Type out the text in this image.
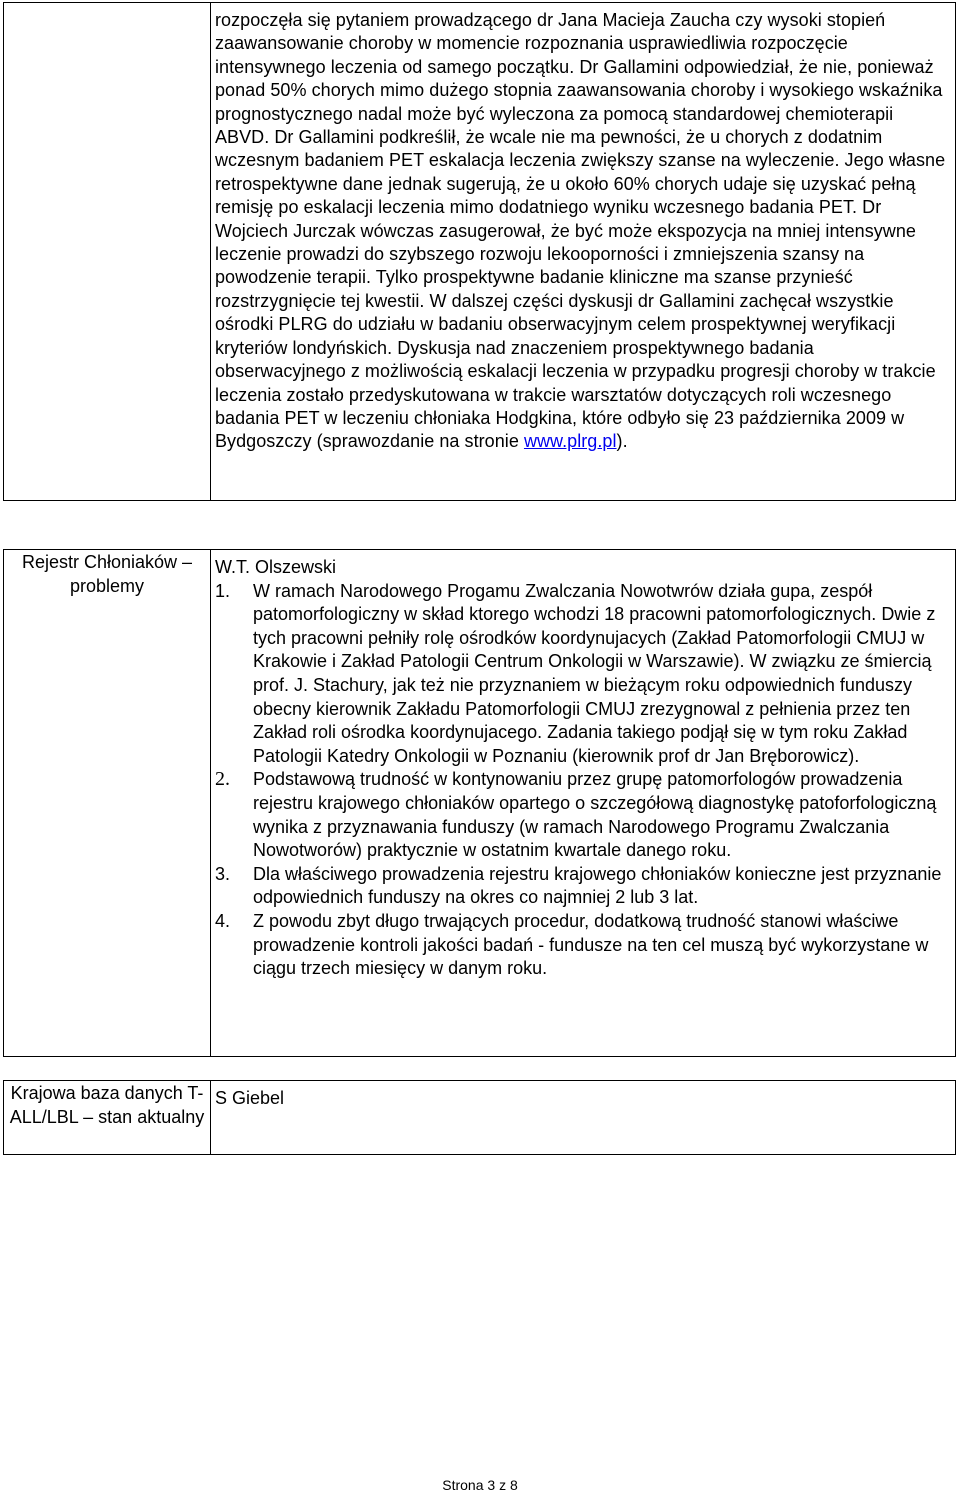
rozpoczęła się pytaniem prowadzącego dr Jana Macieja Zaucha czy wysoki stopień zaawansowanie choroby w momencie rozpoznania usprawiedliwia rozpoczęcie intensywnego leczenia od samego początku. Dr Gallamini odpowiedział, że nie, ponieważ ponad 50% chorych mimo dużego stopnia zaawansowania choroby i wysokiego wskaźnika prognostycznego nadal może być wyleczona za pomocą standardowej chemioterapii ABVD. Dr Gallamini podkreślił, że wcale nie ma pewności, że u chorych z dodatnim wczesnym badaniem PET eskalacja leczenia zwiększy szanse na wyleczenie. Jego własne retrospektywne dane jednak sugerują, że u około 60% chorych udaje się uzyskać pełną remisję po eskalacji leczenia mimo dodatniego wyniku wczesnego badania PET. Dr Wojciech Jurczak wówczas zasugerował, że być może ekspozycja na mniej intensywne leczenie prowadzi do szybszego rozwoju lekooporności i zmniejszenia szansy na powodzenie terapii. Tylko prospektywne badanie kliniczne ma szanse przynieść rozstrzygnięcie tej kwestii. W dalszej części dyskusji dr Gallamini zachęcał wszystkie ośrodki PLRG do udziału w badaniu obserwacyjnym celem prospektywnej weryfikacji kryteriów londyńskich. Dyskusja nad znaczeniem prospektywnego badania obserwacyjnego z możliwością eskalacji leczenia w przypadku progresji choroby w trakcie leczenia zostało przedyskutowana w trakcie warsztatów dotyczących roli wczesnego badania PET w leczeniu chłoniaka Hodgkina, które odbyło się 23 października 2009 w Bydgoszczy (sprawozdanie na stronie www.plrg.pl).

Rejestr Chłoniaków – problemy
W.T. Olszewski
1.	W ramach Narodowego Progamu Zwalczania Nowotwrów działa gupa, zespół patomorfologiczny w skład ktorego wchodzi 18 pracowni patomorfologicznych. Dwie z tych pracowni pełniły rolę ośrodków koordynujacych (Zakład Patomorfologii CMUJ w Krakowie i Zakład Patologii Centrum Onkologii w Warszawie). W związku ze śmiercią prof. J. Stachury, jak też nie przyznaniem w bieżącym roku odpowiednich funduszy obecny kierownik Zakładu Patomorfologii CMUJ zrezygnowal z pełnienia przez ten Zakład roli ośrodka koordynujacego. Zadania takiego podjął się w tym roku Zakład Patologii Katedry Onkologii w Poznaniu (kierownik prof dr Jan Bręborowicz).
2.	Podstawową trudność w kontynowaniu przez grupę patomorfologów prowadzenia rejestru krajowego chłoniaków opartego o szczegółową diagnostykę patoforfologiczną wynika z przyznawania funduszy (w ramach Narodowego Programu Zwalczania Nowotworów) praktycznie w ostatnim kwartale danego roku.
3.	Dla właściwego prowadzenia rejestru krajowego chłoniaków konieczne jest przyznanie odpowiednich funduszy na okres co najmniej 2 lub 3 lat.
4.	Z powodu zbyt długo trwających procedur, dodatkową trudność stanowi właściwe prowadzenie kontroli jakości badań - fundusze na ten cel muszą być wykorzystane w ciągu trzech miesięcy w danym roku.
Krajowa baza danych T-ALL/LBL – stan aktualny
S Giebel
Strona 3 z 8
